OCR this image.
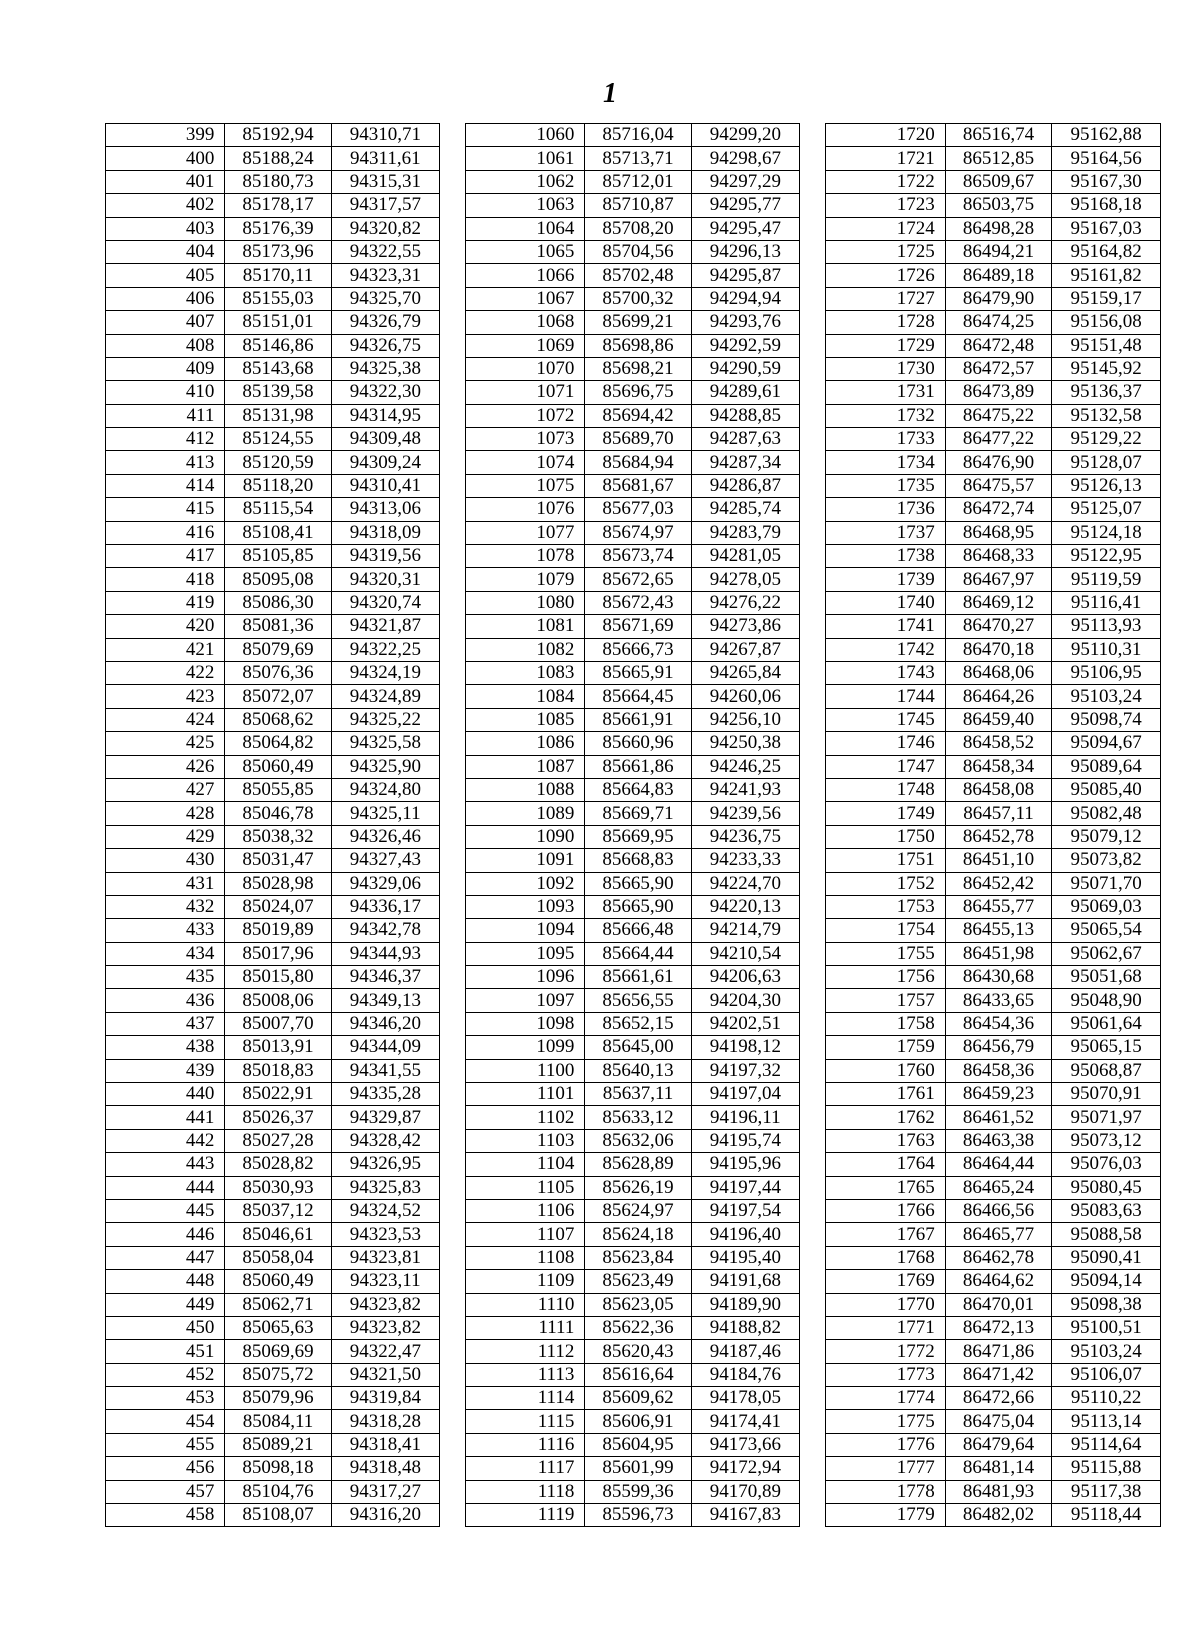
1
399	85192,94	94310,71
400	85188,24	94311,61
401	85180,73	94315,31
402	85178,17	94317,57
403	85176,39	94320,82
404	85173,96	94322,55
405	85170,11	94323,31
406	85155,03	94325,70
407	85151,01	94326,79
408	85146,86	94326,75
409	85143,68	94325,38
410	85139,58	94322,30
411	85131,98	94314,95
412	85124,55	94309,48
413	85120,59	94309,24
414	85118,20	94310,41
415	85115,54	94313,06
416	85108,41	94318,09
417	85105,85	94319,56
418	85095,08	94320,31
419	85086,30	94320,74
420	85081,36	94321,87
421	85079,69	94322,25
422	85076,36	94324,19
423	85072,07	94324,89
424	85068,62	94325,22
425	85064,82	94325,58
426	85060,49	94325,90
427	85055,85	94324,80
428	85046,78	94325,11
429	85038,32	94326,46
430	85031,47	94327,43
431	85028,98	94329,06
432	85024,07	94336,17
433	85019,89	94342,78
434	85017,96	94344,93
435	85015,80	94346,37
436	85008,06	94349,13
437	85007,70	94346,20
438	85013,91	94344,09
439	85018,83	94341,55
440	85022,91	94335,28
441	85026,37	94329,87
442	85027,28	94328,42
443	85028,82	94326,95
444	85030,93	94325,83
445	85037,12	94324,52
446	85046,61	94323,53
447	85058,04	94323,81
448	85060,49	94323,11
449	85062,71	94323,82
450	85065,63	94323,82
451	85069,69	94322,47
452	85075,72	94321,50
453	85079,96	94319,84
454	85084,11	94318,28
455	85089,21	94318,41
456	85098,18	94318,48
457	85104,76	94317,27
458	85108,07	94316,20
1060	85716,04	94299,20
1061	85713,71	94298,67
1062	85712,01	94297,29
1063	85710,87	94295,77
1064	85708,20	94295,47
1065	85704,56	94296,13
1066	85702,48	94295,87
1067	85700,32	94294,94
1068	85699,21	94293,76
1069	85698,86	94292,59
1070	85698,21	94290,59
1071	85696,75	94289,61
1072	85694,42	94288,85
1073	85689,70	94287,63
1074	85684,94	94287,34
1075	85681,67	94286,87
1076	85677,03	94285,74
1077	85674,97	94283,79
1078	85673,74	94281,05
1079	85672,65	94278,05
1080	85672,43	94276,22
1081	85671,69	94273,86
1082	85666,73	94267,87
1083	85665,91	94265,84
1084	85664,45	94260,06
1085	85661,91	94256,10
1086	85660,96	94250,38
1087	85661,86	94246,25
1088	85664,83	94241,93
1089	85669,71	94239,56
1090	85669,95	94236,75
1091	85668,83	94233,33
1092	85665,90	94224,70
1093	85665,90	94220,13
1094	85666,48	94214,79
1095	85664,44	94210,54
1096	85661,61	94206,63
1097	85656,55	94204,30
1098	85652,15	94202,51
1099	85645,00	94198,12
1100	85640,13	94197,32
1101	85637,11	94197,04
1102	85633,12	94196,11
1103	85632,06	94195,74
1104	85628,89	94195,96
1105	85626,19	94197,44
1106	85624,97	94197,54
1107	85624,18	94196,40
1108	85623,84	94195,40
1109	85623,49	94191,68
1110	85623,05	94189,90
1111	85622,36	94188,82
1112	85620,43	94187,46
1113	85616,64	94184,76
1114	85609,62	94178,05
1115	85606,91	94174,41
1116	85604,95	94173,66
1117	85601,99	94172,94
1118	85599,36	94170,89
1119	85596,73	94167,83
1720	86516,74	95162,88
1721	86512,85	95164,56
1722	86509,67	95167,30
1723	86503,75	95168,18
1724	86498,28	95167,03
1725	86494,21	95164,82
1726	86489,18	95161,82
1727	86479,90	95159,17
1728	86474,25	95156,08
1729	86472,48	95151,48
1730	86472,57	95145,92
1731	86473,89	95136,37
1732	86475,22	95132,58
1733	86477,22	95129,22
1734	86476,90	95128,07
1735	86475,57	95126,13
1736	86472,74	95125,07
1737	86468,95	95124,18
1738	86468,33	95122,95
1739	86467,97	95119,59
1740	86469,12	95116,41
1741	86470,27	95113,93
1742	86470,18	95110,31
1743	86468,06	95106,95
1744	86464,26	95103,24
1745	86459,40	95098,74
1746	86458,52	95094,67
1747	86458,34	95089,64
1748	86458,08	95085,40
1749	86457,11	95082,48
1750	86452,78	95079,12
1751	86451,10	95073,82
1752	86452,42	95071,70
1753	86455,77	95069,03
1754	86455,13	95065,54
1755	86451,98	95062,67
1756	86430,68	95051,68
1757	86433,65	95048,90
1758	86454,36	95061,64
1759	86456,79	95065,15
1760	86458,36	95068,87
1761	86459,23	95070,91
1762	86461,52	95071,97
1763	86463,38	95073,12
1764	86464,44	95076,03
1765	86465,24	95080,45
1766	86466,56	95083,63
1767	86465,77	95088,58
1768	86462,78	95090,41
1769	86464,62	95094,14
1770	86470,01	95098,38
1771	86472,13	95100,51
1772	86471,86	95103,24
1773	86471,42	95106,07
1774	86472,66	95110,22
1775	86475,04	95113,14
1776	86479,64	95114,64
1777	86481,14	95115,88
1778	86481,93	95117,38
1779	86482,02	95118,44
